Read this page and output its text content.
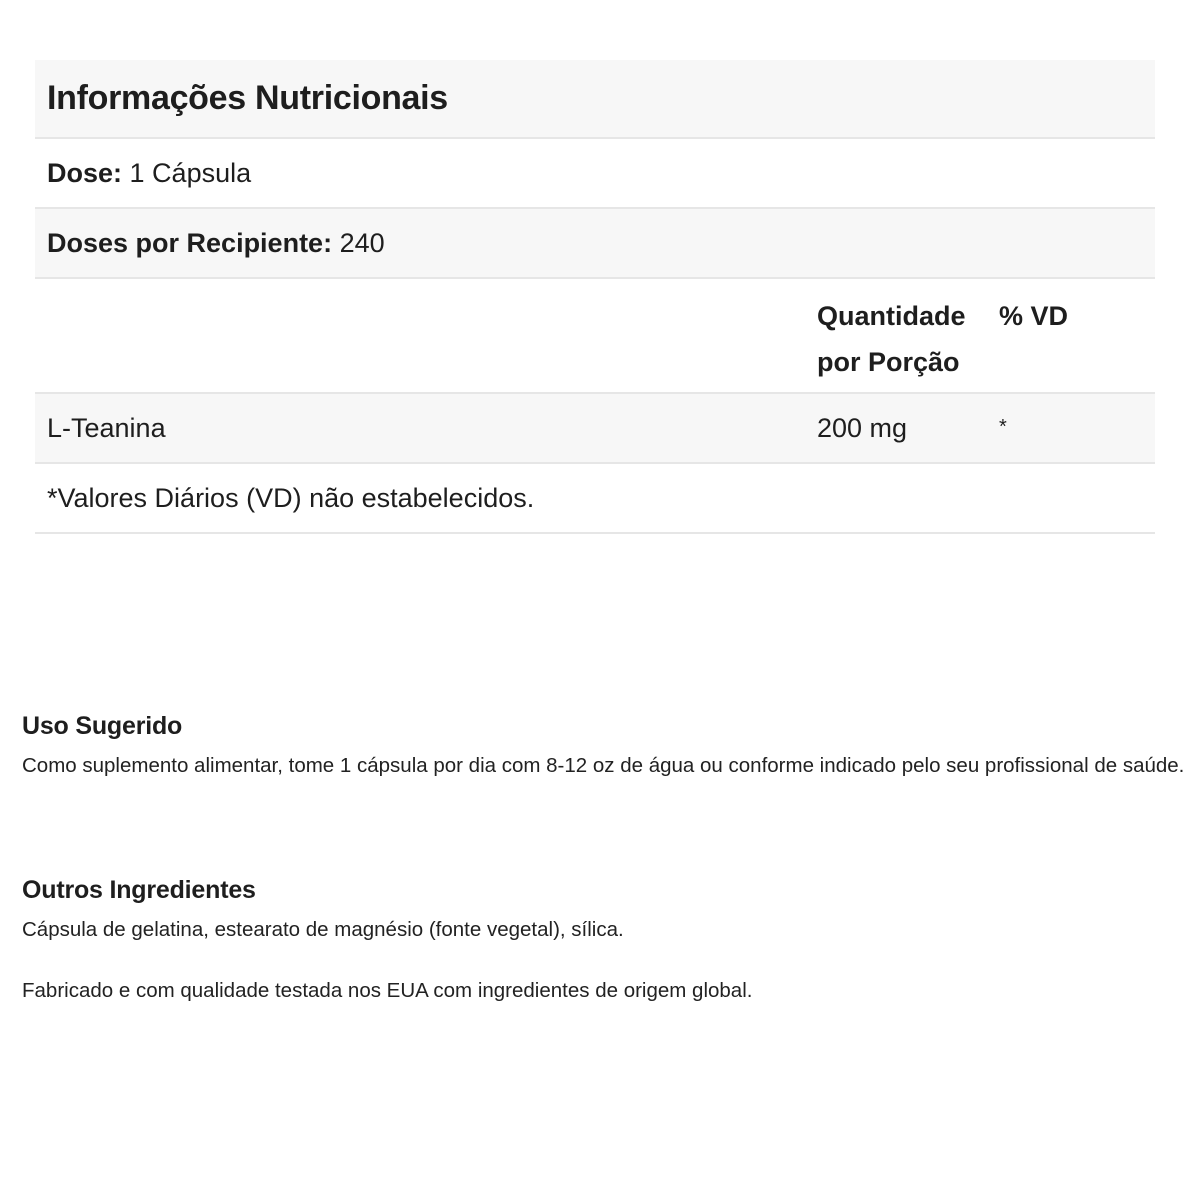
Informações Nutricionais
Dose:
1 Cápsula
Doses por Recipiente:
240
Quantidade
por Porção
% VD
L-Teanina	200 mg	*
*Valores Diários (VD) não estabelecidos.
Uso Sugerido

Como suplemento alimentar, tome 1 cápsula por dia com 8-12 oz de água ou conforme indicado pelo seu profissional de saúde.

Outros Ingredientes

Cápsula de gelatina, estearato de magnésio (fonte vegetal), sílica.

Fabricado e com qualidade testada nos EUA com ingredientes de origem global.
